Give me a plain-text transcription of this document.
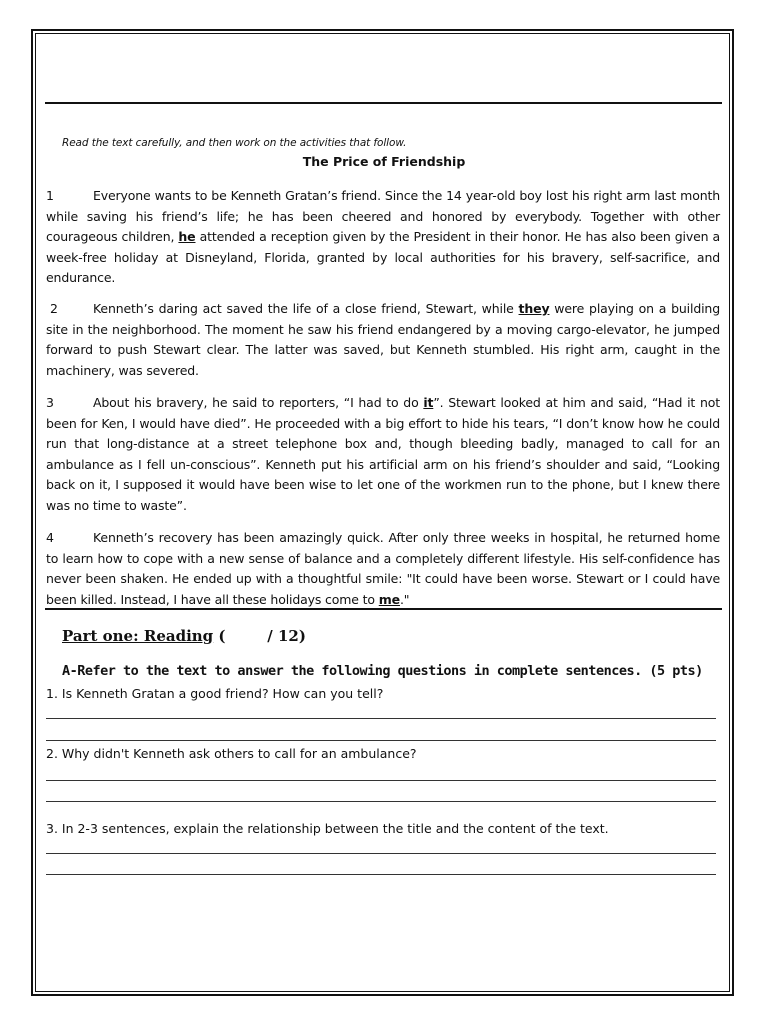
Read the text carefully, and then work on the activities that follow.
The Price of Friendship
1	Everyone wants to be Kenneth Gratan’s friend. Since the 14 year-old boy lost his right arm last month while saving his friend’s life; he has been cheered and honored by everybody. Together with other courageous children, he attended a reception given by the President in their honor. He has also been given a week-free holiday at Disneyland, Florida, granted by local authorities for his bravery, self-sacrifice, and endurance.
2	Kenneth’s daring act saved the life of a close friend, Stewart, while they were playing on a building site in the neighborhood. The moment he saw his friend endangered by a moving cargo-elevator, he jumped forward to push Stewart clear. The latter was saved, but Kenneth stumbled. His right arm, caught in the machinery, was severed.
3	About his bravery, he said to reporters, “I had to do it”. Stewart looked at him and said, “Had it not been for Ken, I would have died”. He proceeded with a big effort to hide his tears, “I don’t know how he could run that long-distance at a street telephone box and, though bleeding badly, managed to call for an ambulance as I fell un-conscious”. Kenneth put his artificial arm on his friend’s shoulder and said, “Looking back on it, I supposed it would have been wise to let one of the workmen run to the phone, but I knew there was no time to waste”.
4	Kenneth’s recovery has been amazingly quick. After only three weeks in hospital, he returned home to learn how to cope with a new sense of balance and a completely different lifestyle. His self-confidence has never been shaken. He ended up with a thoughtful smile: "It could have been worse. Stewart or I could have been killed. Instead, I have all these holidays come to me."
Part one: Reading (        / 12)
A-Refer to the text to answer the following questions in complete sentences. (5 pts)
1. Is Kenneth Gratan a good friend? How can you tell?
2. Why didn't Kenneth ask others to call for an ambulance?
3. In 2-3 sentences, explain the relationship between the title and the content of the text.
